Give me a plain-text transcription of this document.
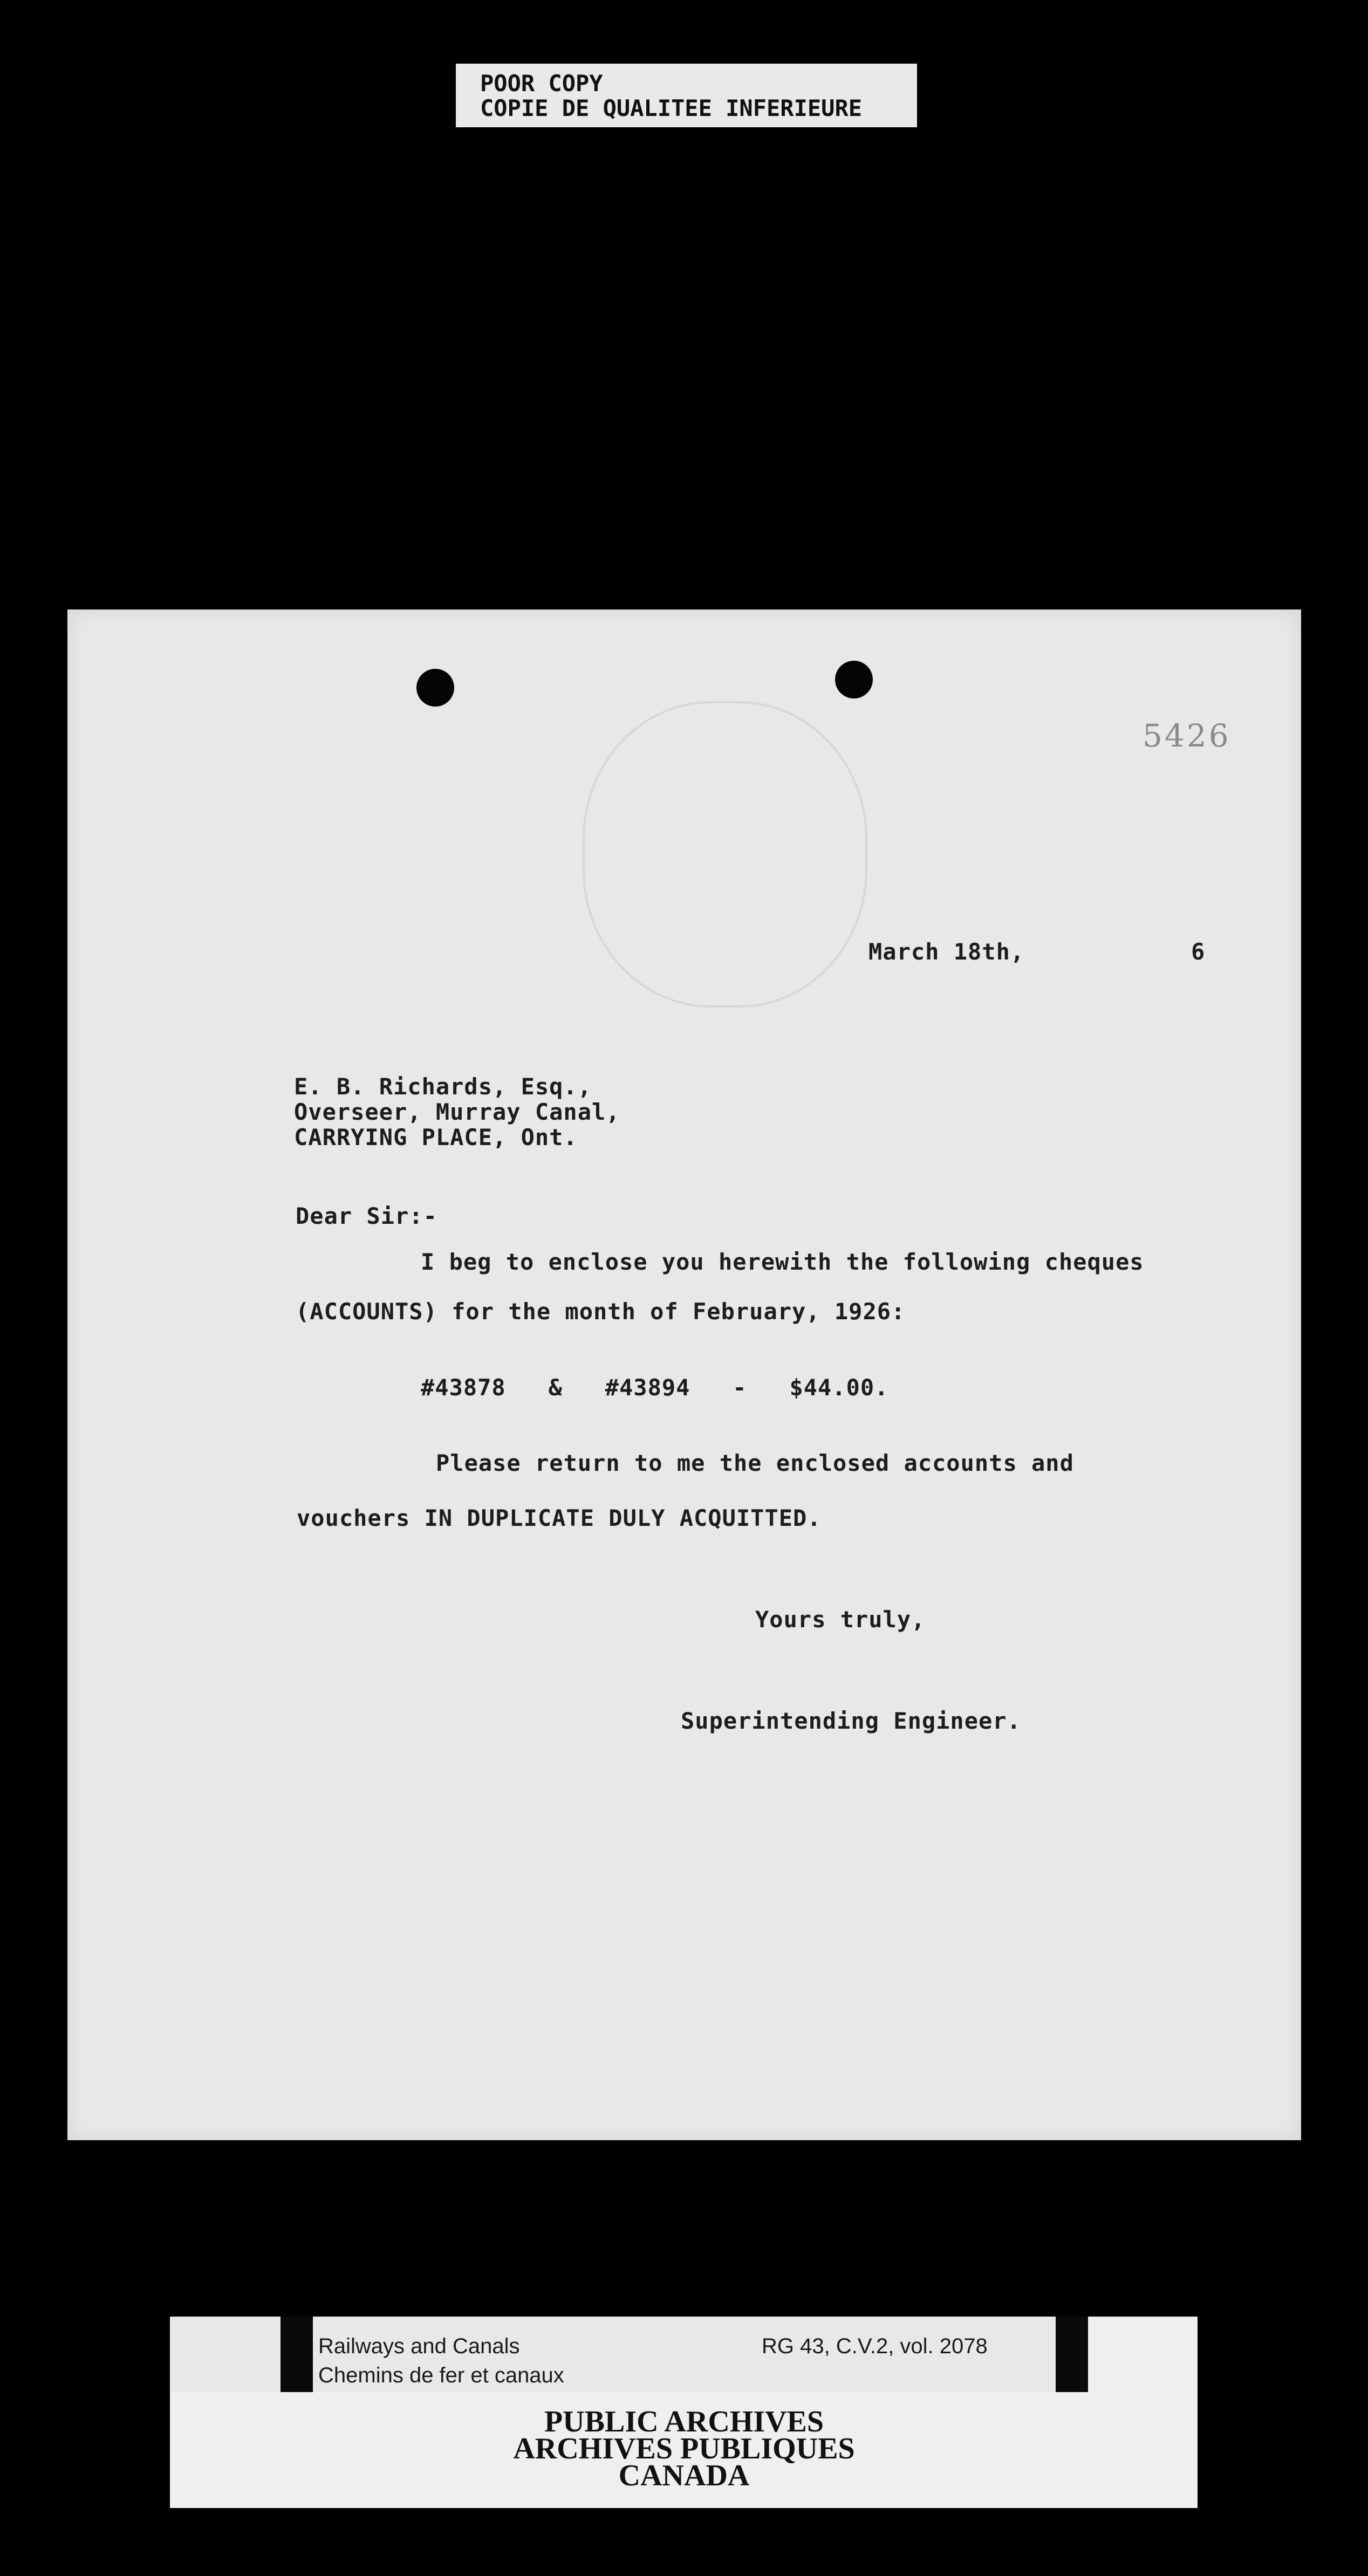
POOR COPY
COPIE DE QUALITEE INFERIEURE
5426
March 18th,	6
E. B. Richards, Esq.,
Overseer, Murray Canal,
CARRYING PLACE, Ont.
Dear Sir:-
I beg to enclose you herewith the following cheques
(ACCOUNTS) for the month of February, 1926:
#43878   &   #43894   -   $44.00.
Please return to me the enclosed accounts and
vouchers IN DUPLICATE DULY ACQUITTED.
Yours truly,
Superintending Engineer.
Railways and Canals
Chemins de fer et canaux
RG 43, C.V.2, vol. 2078
PUBLIC ARCHIVES
ARCHIVES PUBLIQUES
CANADA
